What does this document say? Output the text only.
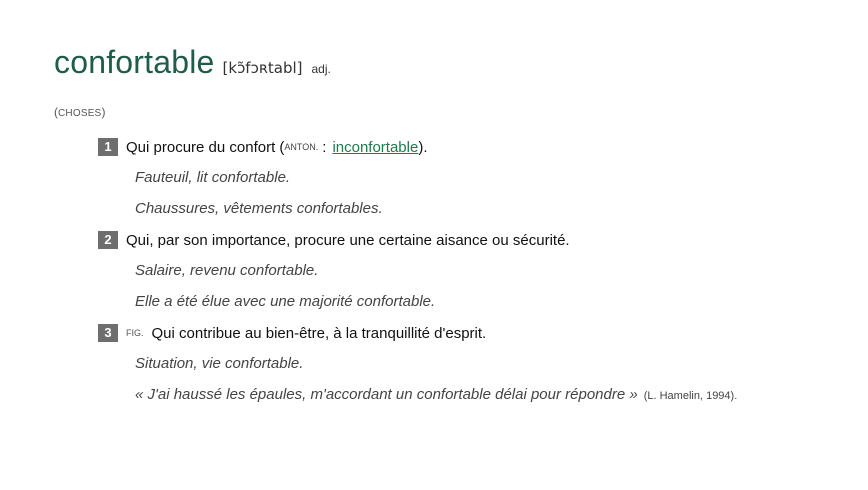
confortable [kɔ̃fɔʀtabl] adj.
(CHOSES)
1 Qui procure du confort ( ANTON. : inconfortable ).
Fauteuil, lit confortable.
Chaussures, vêtements confortables.
2 Qui, par son importance, procure une certaine aisance ou sécurité.
Salaire, revenu confortable.
Elle a été élue avec une majorité confortable.
3	FIG. Qui contribue au bien-être, à la tranquillité d'esprit.
Situation, vie confortable.
« J'ai haussé les épaules, m'accordant un confortable délai pour répondre » (L. Hamelin, 1994).
